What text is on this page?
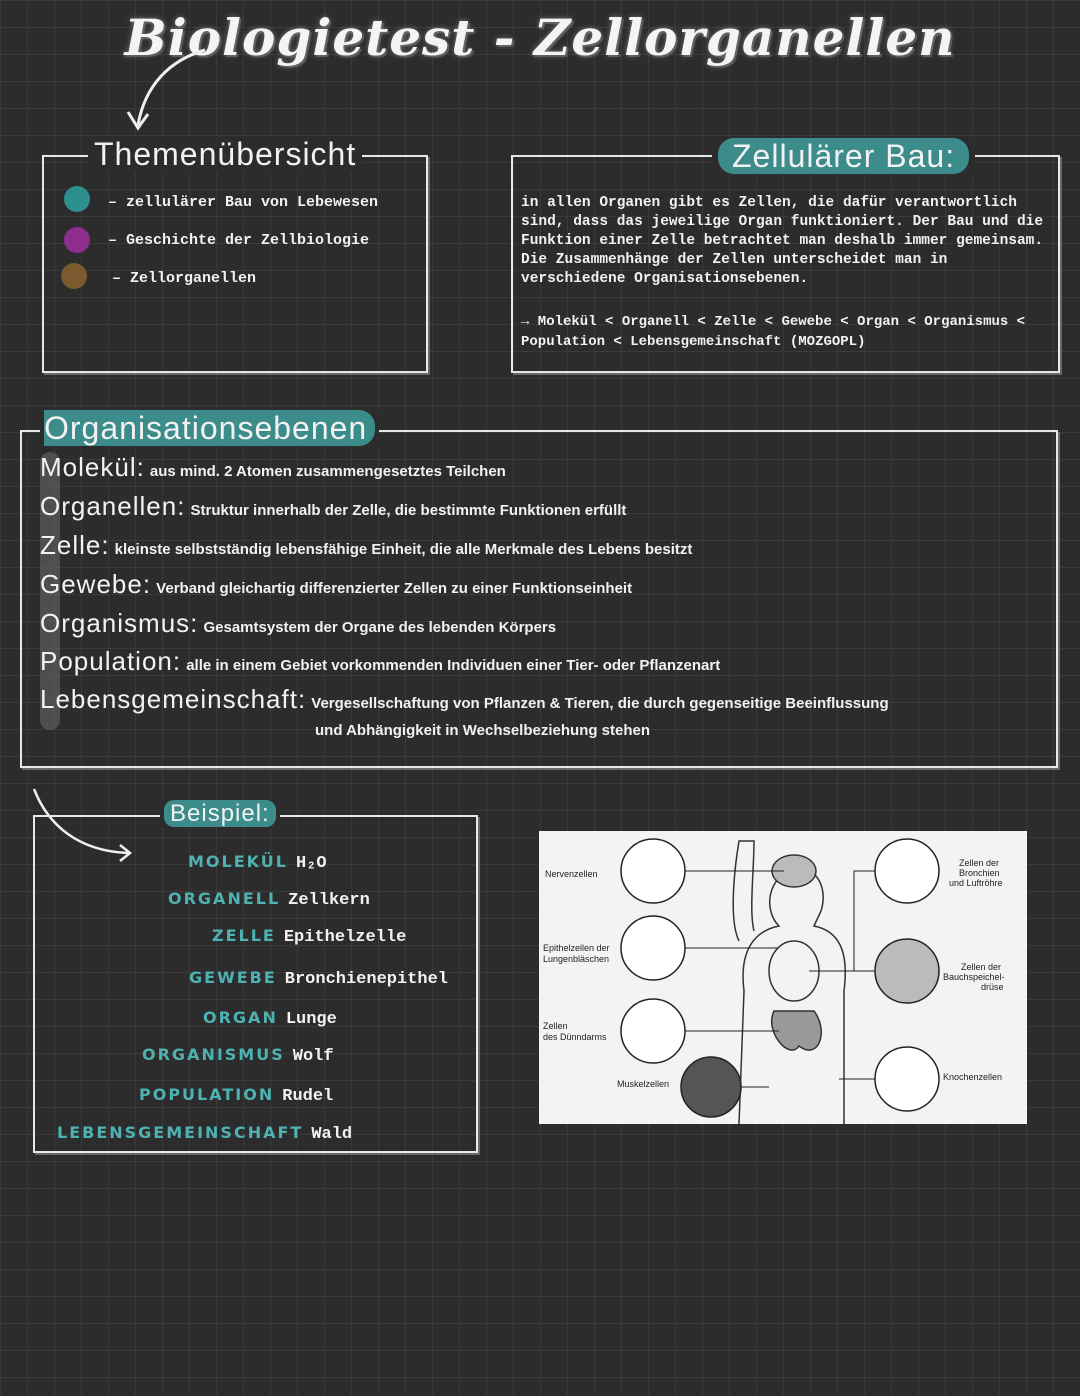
Biologietest - Zellorganellen
Themenübersicht
– zellulärer Bau von Lebewesen
– Geschichte der Zellbiologie
– Zellorganellen
Zellulärer Bau:
in allen Organen gibt es Zellen, die dafür verantwortlich sind, dass das jeweilige Organ funktioniert. Der Bau und die Funktion einer Zelle betrachtet man deshalb immer gemeinsam. Die Zusammenhänge der Zellen unterscheidet man in verschiedene Organisationsebenen.
→ Molekül < Organell < Zelle < Gewebe < Organ < Organismus < Population < Lebensgemeinschaft (MOZGOPL)
Organisationsebenen
Molekül: aus mind. 2 Atomen zusammengesetztes Teilchen
Organellen: Struktur innerhalb der Zelle, die bestimmte Funktionen erfüllt
Zelle: kleinste selbstständig lebensfähige Einheit, die alle Merkmale des Lebens besitzt
Gewebe: Verband gleichartig differenzierter Zellen zu einer Funktionseinheit
Organismus: Gesamtsystem der Organe des lebenden Körpers
Population: alle in einem Gebiet vorkommenden Individuen einer Tier- oder Pflanzenart
Lebensgemeinschaft: Vergesellschaftung von Pflanzen & Tieren, die durch gegenseitige Beeinflussung
und Abhängigkeit in Wechselbeziehung stehen
Beispiel:
MOLEKÜL H₂O
ORGANELL Zellkern
ZELLE Epithelzelle
GEWEBE Bronchienepithel
ORGAN Lunge
ORGANISMUS Wolf
POPULATION Rudel
LEBENSGEMEINSCHAFT Wald
Nervenzellen
Epithelzellen der
Lungenbläschen
Zellen
des Dünndarms
Muskelzellen
Zellen der
Bronchien
und Luftröhre
Zellen der
Bauchspeichel-
drüse
Knochenzellen
